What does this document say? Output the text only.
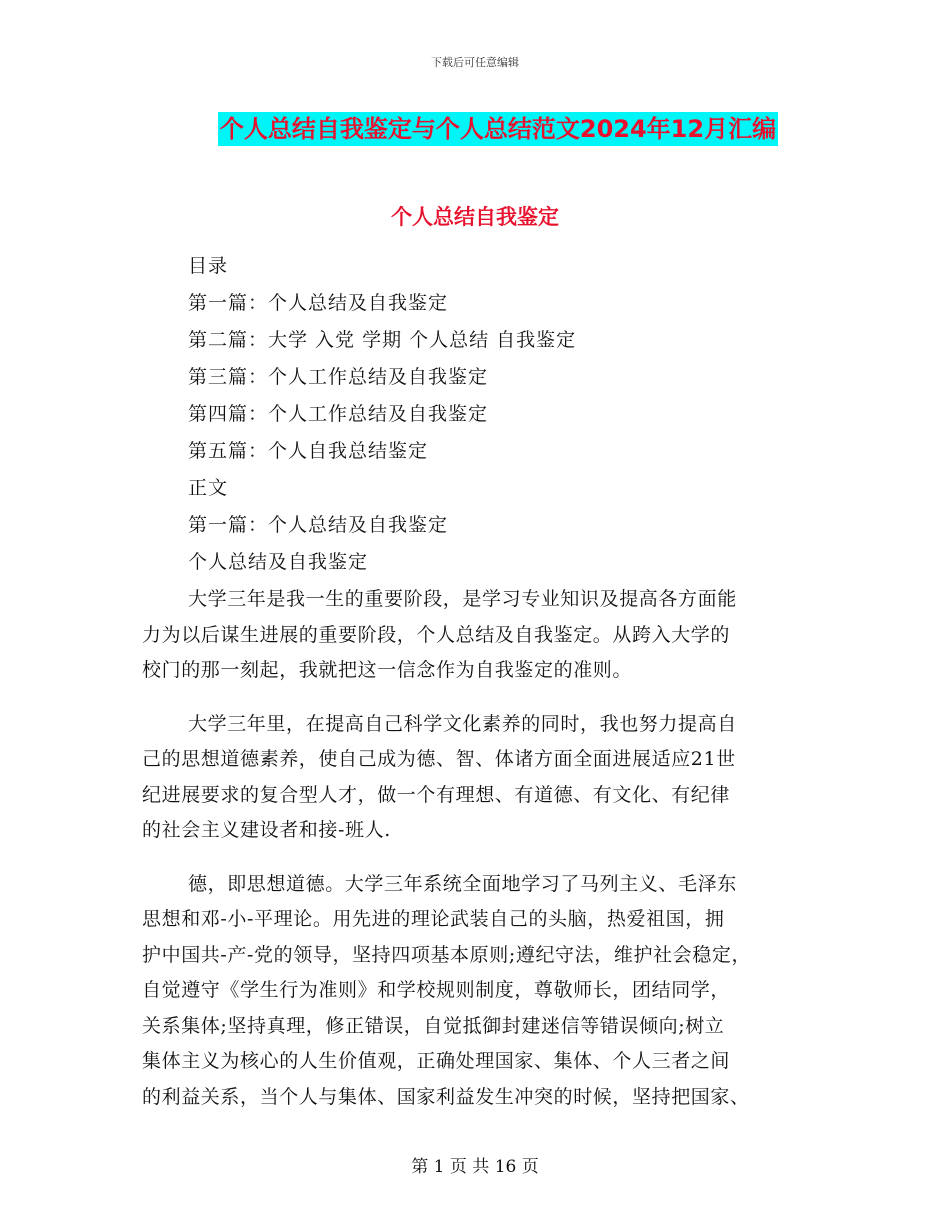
下载后可任意编辑
个人总结自我鉴定与个人总结范文2024年12月汇编
个人总结自我鉴定
目录
第一篇：个人总结及自我鉴定
第二篇：大学 入党 学期 个人总结 自我鉴定
第三篇：个人工作总结及自我鉴定
第四篇：个人工作总结及自我鉴定
第五篇：个人自我总结鉴定
正文
第一篇：个人总结及自我鉴定
个人总结及自我鉴定

大学三年是我一生的重要阶段，是学习专业知识及提高各方面能
力为以后谋生进展的重要阶段，个人总结及自我鉴定。从跨入大学的
校门的那一刻起，我就把这一信念作为自我鉴定的准则。

大学三年里，在提高自己科学文化素养的同时，我也努力提高自
己的思想道德素养，使自己成为德、智、体诸方面全面进展适应21世
纪进展要求的复合型人才，做一个有理想、有道德、有文化、有纪律
的社会主义建设者和接-班人.

德，即思想道德。大学三年系统全面地学习了马列主义、毛泽东
思想和邓-小-平理论。用先进的理论武装自己的头脑，热爱祖国，拥
护中国共-产-党的领导，坚持四项基本原则;遵纪守法，维护社会稳定，
自觉遵守《学生行为准则》和学校规则制度，尊敬师长，团结同学，
关系集体;坚持真理，修正错误，自觉抵御封建迷信等错误倾向;树立
集体主义为核心的人生价值观，正确处理国家、集体、个人三者之间
的利益关系，当个人与集体、国家利益发生冲突的时候，坚持把国家、

第 1 页 共 16 页
